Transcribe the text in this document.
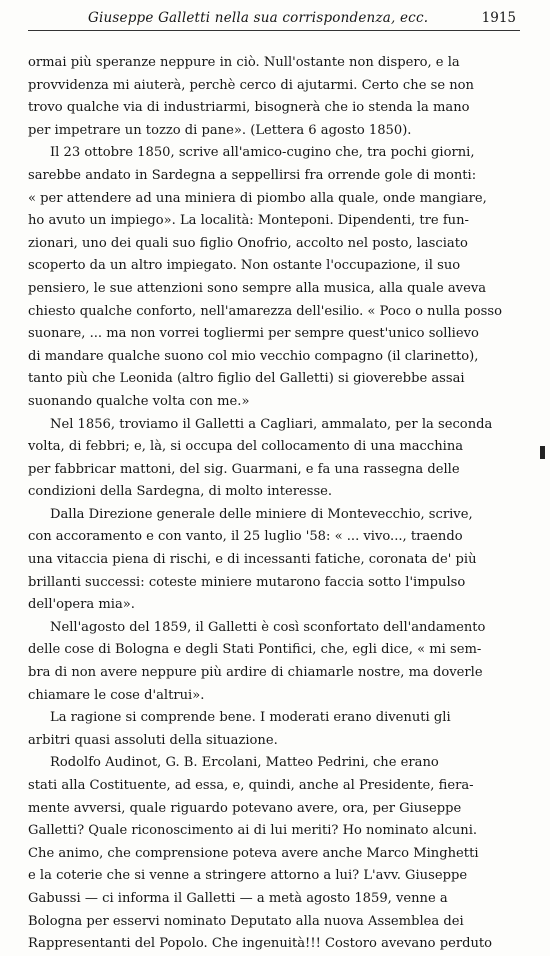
Giuseppe Galletti nella sua corrispondenza, ecc.	1915
ormai più speranze neppure in ciò. Null'ostante non dispero, e la
provvidenza mi aiuterà, perchè cerco di ajutarmi. Certo che se non
trovo qualche via di industriarmi, bisognerà che io stenda la mano
per impetrare un tozzo di pane». (Lettera 6 agosto 1850).
Il 23 ottobre 1850, scrive all'amico-cugino che, tra pochi giorni,
sarebbe andato in Sardegna a seppellirsi fra orrende gole di monti:
« per attendere ad una miniera di piombo alla quale, onde mangiare,
ho avuto un impiego». La località: Monteponi. Dipendenti, tre fun-
zionari, uno dei quali suo figlio Onofrio, accolto nel posto, lasciato
scoperto da un altro impiegato. Non ostante l'occupazione, il suo
pensiero, le sue attenzioni sono sempre alla musica, alla quale aveva
chiesto qualche conforto, nell'amarezza dell'esilio. « Poco o nulla posso
suonare, ... ma non vorrei togliermi per sempre quest'unico sollievo
di mandare qualche suono col mio vecchio compagno (il clarinetto),
tanto più che Leonida (altro figlio del Galletti) si gioverebbe assai
suonando qualche volta con me.»
Nel 1856, troviamo il Galletti a Cagliari, ammalato, per la seconda
volta, di febbri; e, là, si occupa del collocamento di una macchina
per fabbricar mattoni, del sig. Guarmani, e fa una rassegna delle
condizioni della Sardegna, di molto interesse.
Dalla Direzione generale delle miniere di Montevecchio, scrive,
con accoramento e con vanto, il 25 luglio '58: « ... vivo..., traendo
una vitaccia piena di rischi, e di incessanti fatiche, coronata de' più
brillanti successi: coteste miniere mutarono faccia sotto l'impulso
dell'opera mia».
Nell'agosto del 1859, il Galletti è così sconfortato dell'andamento
delle cose di Bologna e degli Stati Pontifici, che, egli dice, « mi sem-
bra di non avere neppure più ardire di chiamarle nostre, ma doverle
chiamare le cose d'altrui».
La ragione si comprende bene. I moderati erano divenuti gli
arbitri quasi assoluti della situazione.
Rodolfo Audinot, G. B. Ercolani, Matteo Pedrini, che erano
stati alla Costituente, ad essa, e, quindi, anche al Presidente, fiera-
mente avversi, quale riguardo potevano avere, ora, per Giuseppe
Galletti? Quale riconoscimento ai di lui meriti? Ho nominato alcuni.
Che animo, che comprensione poteva avere anche Marco Minghetti
e la coterie che si venne a stringere attorno a lui? L'avv. Giuseppe
Gabussi — ci informa il Galletti — a metà agosto 1859, venne a
Bologna per esservi nominato Deputato alla nuova Assemblea dei
Rappresentanti del Popolo. Che ingenuità!!! Costoro avevano perduto
